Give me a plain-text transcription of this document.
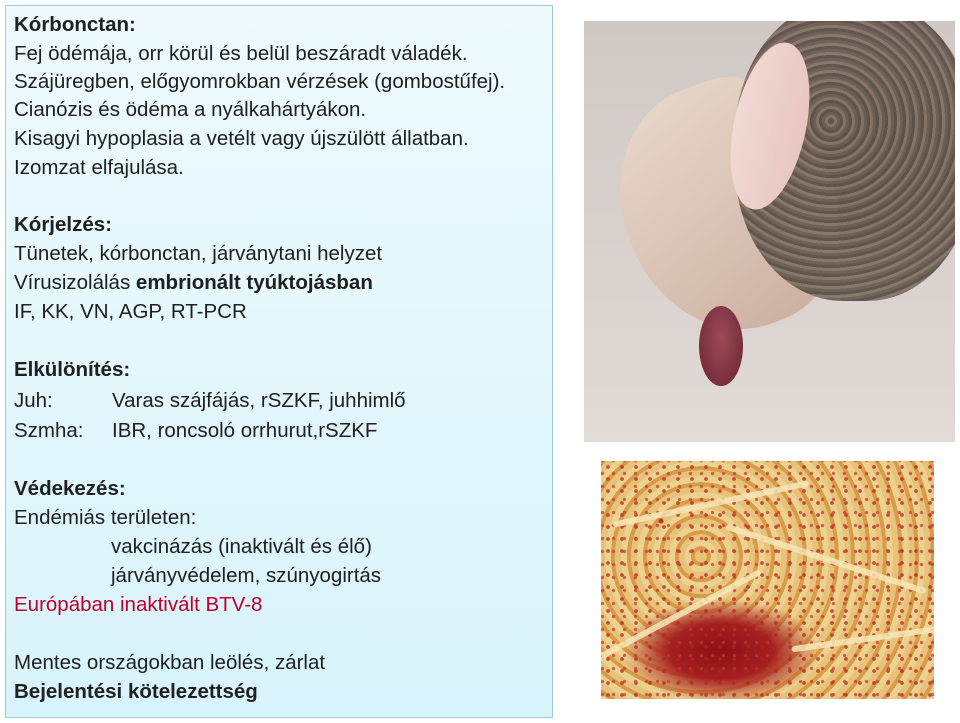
Kórbonctan:
Fej ödémája, orr körül és belül beszáradt váladék.
Szájüregben, előgyomrokban vérzések (gombostűfej).
Cianózis és ödéma a nyálkahártyákon.
Kisagyi hypoplasia a vetélt vagy újszülött állatban.
Izomzat elfajulása.
Kórjelzés:
Tünetek, kórbonctan, járványtani helyzet
Vírusizolálás embrionált tyúktojásban
IF, KK, VN, AGP, RT-PCR
Elkülönítés:
Juh:	Varas szájfájás, rSZKF, juhhimlő
Szmha: IBR, roncsoló orrhurut,rSZKF
Védekezés:
Endémiás területen:
vakcinázás (inaktivált és élő)
járványvédelem, szúnyogirtás
Európában inaktivált BTV-8
Mentes országokban leölés, zárlat
Bejelentési kötelezettség
